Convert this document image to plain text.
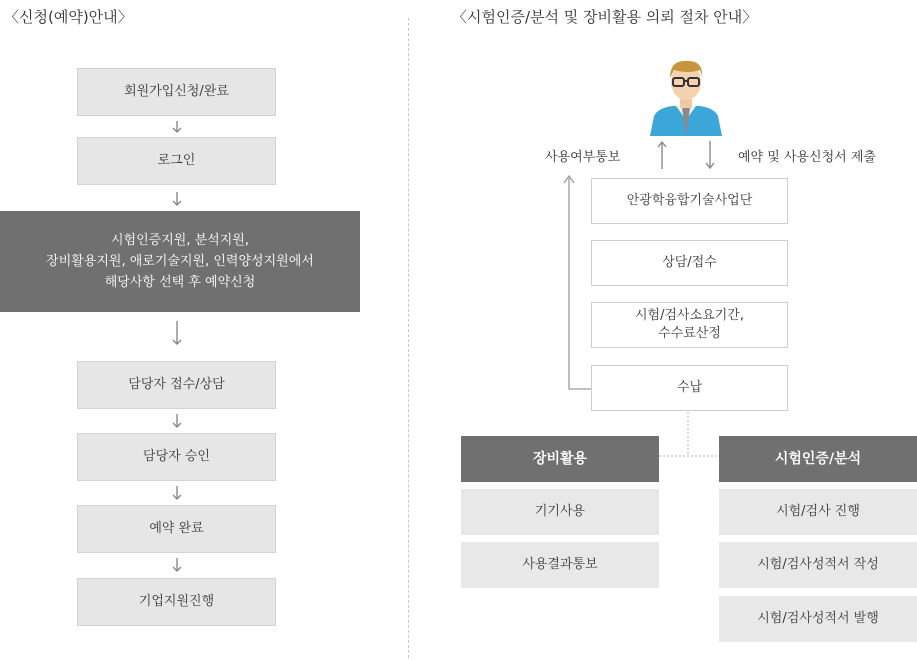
〈신청(예약)안내〉	〈시험인증/분석 및 장비활용 의뢰 절차 안내〉
회원가입신청/완료
로그인
시험인증지원, 분석지원,
장비활용지원, 애로기술지원, 인력양성지원에서
해당사항 선택 후 예약신청
담당자 접수/상담
담당자 승인
예약 완료
기업지원진행
사용여부통보	예약 및 사용신청서 제출
안광학융합기술사업단
상담/접수
시험/검사소요기간,
수수료산정
수납
장비활용
기기사용
사용결과통보
시험인증/분석
시험/검사 진행
시험/검사성적서 작성
시험/검사성적서 발행
